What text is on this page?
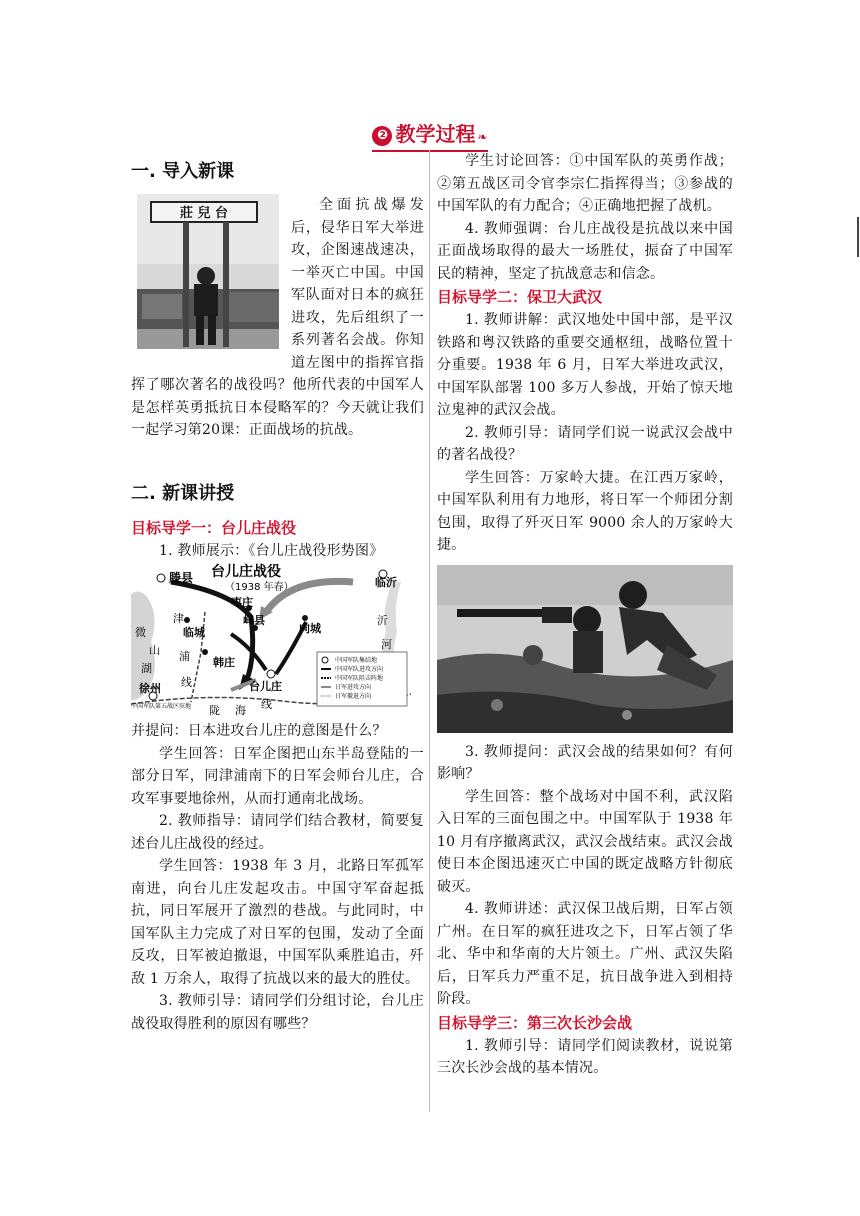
❷ 教学过程 ❧
一. 导入新课
莊 兒 台

全面抗战爆发后，侵华日军大举进攻，企图速战速决，一举灭亡中国。中国军队面对日本的疯狂进攻，先后组织了一系列著名会战。你知道左图中的指挥官指挥了哪次著名的战役吗？他所代表的中国军人是怎样英勇抵抗日本侵略军的？今天就让我们一起学习第20课：正面战场的抗战。

二. 新课讲授
目标导学一：台儿庄战役

1. 教师展示：《台儿庄战役形势图》

台儿庄战役
（1938 年春）
滕县	临沂
枣庄
临城
峄县
向城
韩庄
台儿庄
徐州
津
浦
线
微
山
湖
沂
河
陇 海 线
中国军队第五战区驻地
中国军队集结地
中国军队进攻方向
中国军队阻击阵地
日军进攻方向
日军撤退方向

并提问：日本进攻台儿庄的意图是什么？

学生回答：日军企图把山东半岛登陆的一部分日军，同津浦南下的日军会师台儿庄，合攻军事要地徐州，从而打通南北战场。

2. 教师指导：请同学们结合教材，简要复述台儿庄战役的经过。

学生回答：1938 年 3 月，北路日军孤军南进，向台儿庄发起攻击。中国守军奋起抵抗，同日军展开了激烈的巷战。与此同时，中国军队主力完成了对日军的包围，发动了全面反攻，日军被迫撤退，中国军队乘胜追击，歼敌 1 万余人，取得了抗战以来的最大的胜仗。

3. 教师引导：请同学们分组讨论，台儿庄战役取得胜利的原因有哪些？

学生讨论回答：①中国军队的英勇作战；②第五战区司令官李宗仁指挥得当；③参战的中国军队的有力配合；④正确地把握了战机。

4. 教师强调：台儿庄战役是抗战以来中国正面战场取得的最大一场胜仗，振奋了中国军民的精神，坚定了抗战意志和信念。

目标导学二：保卫大武汉

1. 教师讲解：武汉地处中国中部，是平汉铁路和粤汉铁路的重要交通枢纽，战略位置十分重要。1938 年 6 月，日军大举进攻武汉，中国军队部署 100 多万人参战，开始了惊天地泣鬼神的武汉会战。

2. 教师引导：请同学们说一说武汉会战中的著名战役？

学生回答：万家岭大捷。在江西万家岭，中国军队利用有力地形，将日军一个师团分割包围，取得了歼灭日军 9000 余人的万家岭大捷。

3. 教师提问：武汉会战的结果如何？有何影响？

学生回答：整个战场对中国不利，武汉陷入日军的三面包围之中。中国军队于 1938 年 10 月有序撤离武汉，武汉会战结束。武汉会战使日本企图迅速灭亡中国的既定战略方针彻底破灭。

4. 教师讲述：武汉保卫战后期，日军占领广州。在日军的疯狂进攻之下，日军占领了华北、华中和华南的大片领土。广州、武汉失陷后，日军兵力严重不足，抗日战争进入到相持阶段。

目标导学三：第三次长沙会战

1. 教师引导：请同学们阅读教材，说说第三次长沙会战的基本情况。
